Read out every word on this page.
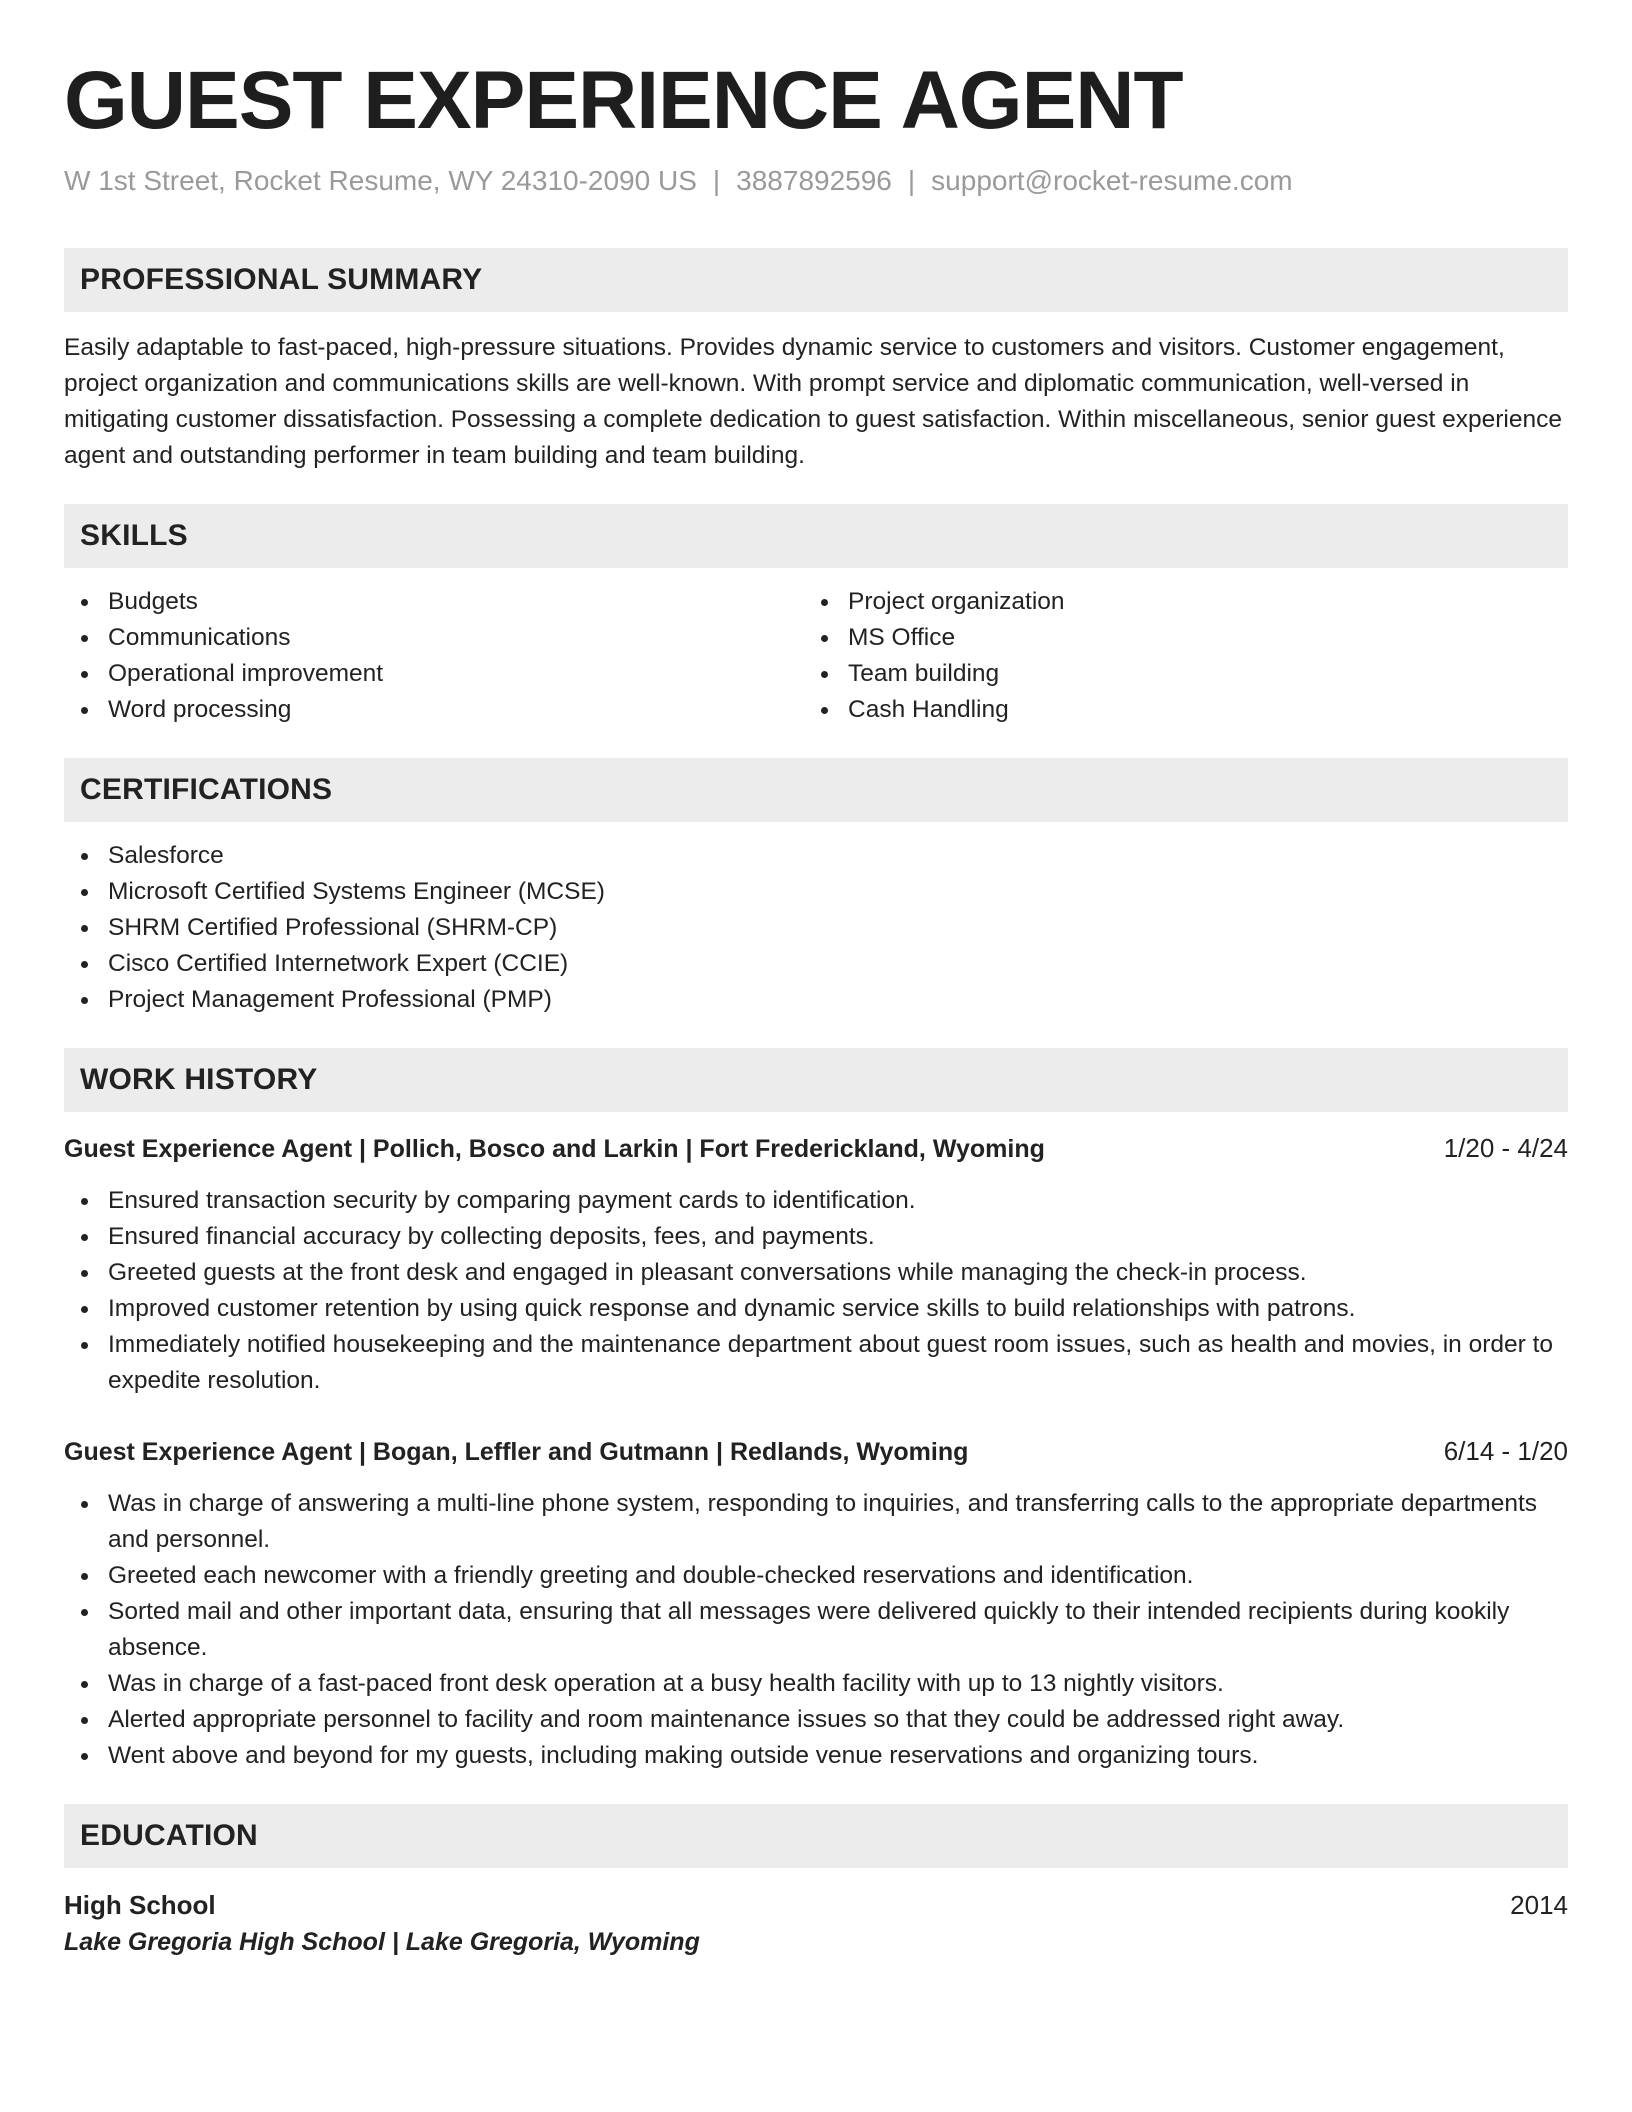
GUEST EXPERIENCE AGENT
W 1st Street, Rocket Resume, WY 24310-2090 US | 3887892596 | support@rocket-resume.com
PROFESSIONAL SUMMARY

Easily adaptable to fast-paced, high-pressure situations. Provides dynamic service to customers and visitors. Customer engagement, project organization and communications skills are well-known. With prompt service and diplomatic communication, well-versed in mitigating customer dissatisfaction. Possessing a complete dedication to guest satisfaction. Within miscellaneous, senior guest experience agent and outstanding performer in team building and team building.

SKILLS
Budgets
Communications
Operational improvement
Word processing
Project organization
MS Office
Team building
Cash Handling
CERTIFICATIONS
Salesforce
Microsoft Certified Systems Engineer (MCSE)
SHRM Certified Professional (SHRM-CP)
Cisco Certified Internetwork Expert (CCIE)
Project Management Professional (PMP)
WORK HISTORY
Guest Experience Agent | Pollich, Bosco and Larkin | Fort Frederickland, Wyoming	1/20 - 4/24
Ensured transaction security by comparing payment cards to identification.
Ensured financial accuracy by collecting deposits, fees, and payments.
Greeted guests at the front desk and engaged in pleasant conversations while managing the check-in process.
Improved customer retention by using quick response and dynamic service skills to build relationships with patrons.
Immediately notified housekeeping and the maintenance department about guest room issues, such as health and movies, in order to expedite resolution.
Guest Experience Agent | Bogan, Leffler and Gutmann | Redlands, Wyoming	6/14 - 1/20
Was in charge of answering a multi-line phone system, responding to inquiries, and transferring calls to the appropriate departments and personnel.
Greeted each newcomer with a friendly greeting and double-checked reservations and identification.
Sorted mail and other important data, ensuring that all messages were delivered quickly to their intended recipients during kookily absence.
Was in charge of a fast-paced front desk operation at a busy health facility with up to 13 nightly visitors.
Alerted appropriate personnel to facility and room maintenance issues so that they could be addressed right away.
Went above and beyond for my guests, including making outside venue reservations and organizing tours.
EDUCATION
High School	2014
Lake Gregoria High School | Lake Gregoria, Wyoming
